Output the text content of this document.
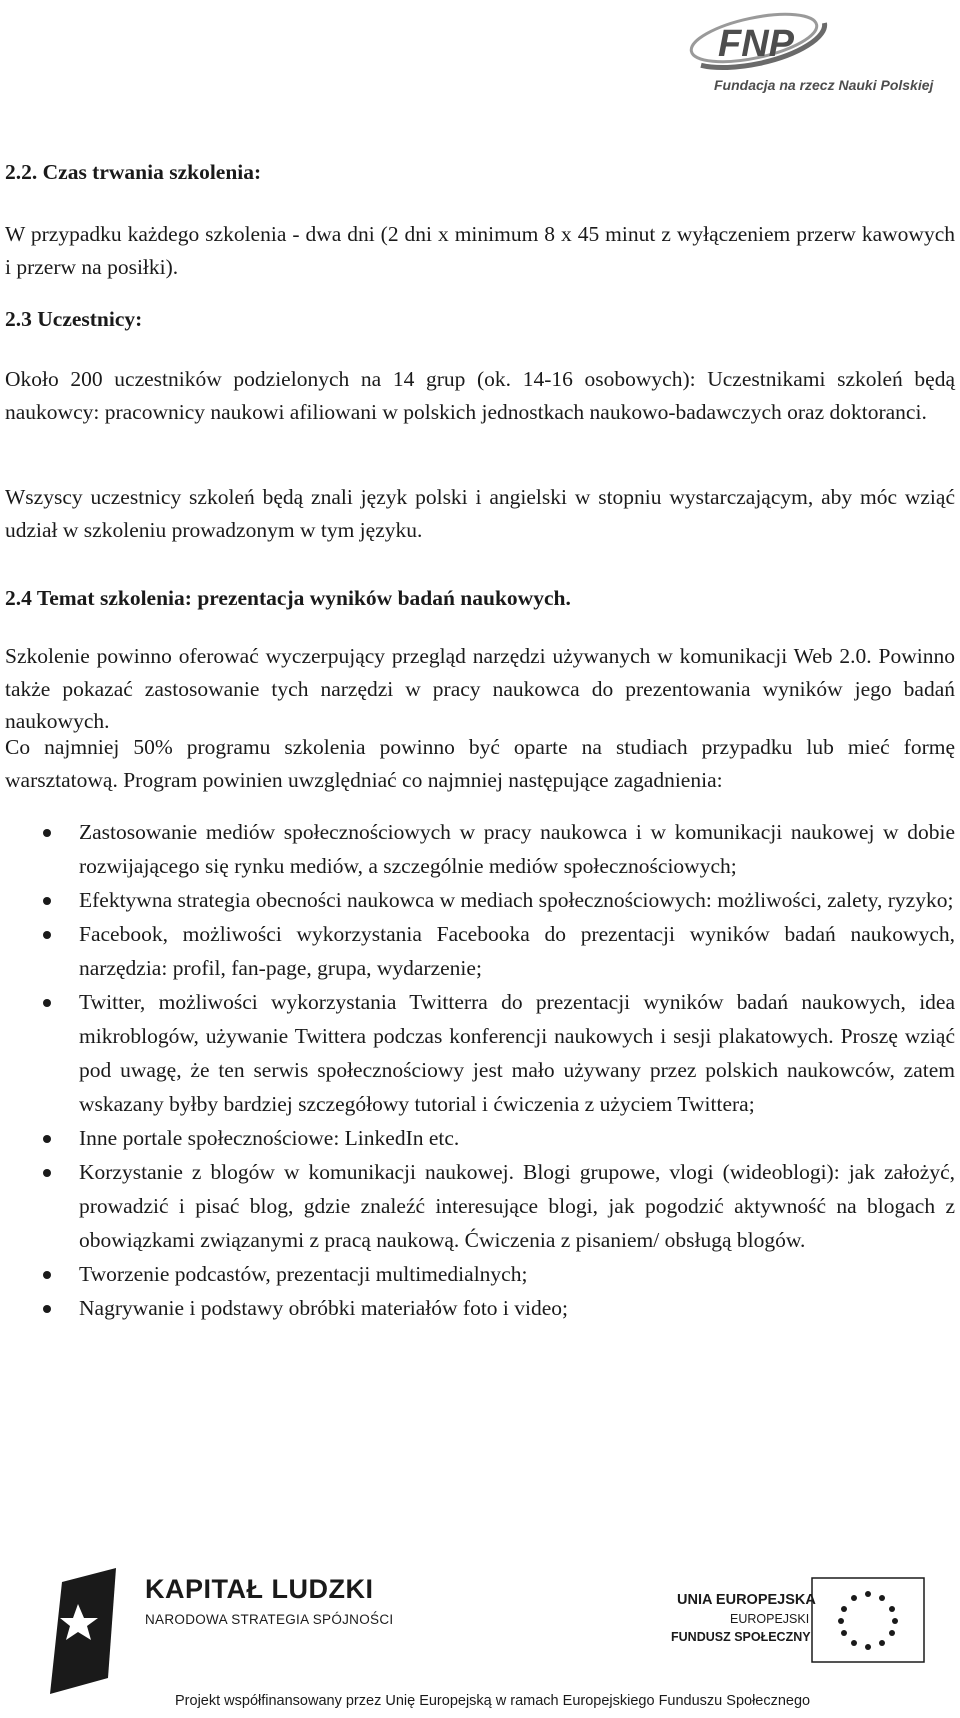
FNP
Fundacja na rzecz Nauki Polskiej
2.2. Czas trwania szkolenia:

W przypadku każdego szkolenia - dwa dni (2 dni x minimum 8 x 45 minut z wyłączeniem przerw kawowych i przerw na posiłki).

2.3 Uczestnicy:

Około 200 uczestników podzielonych na 14 grup (ok. 14-16 osobowych): Uczestnikami szkoleń będą naukowcy: pracownicy naukowi afiliowani w polskich jednostkach naukowo-badawczych oraz doktoranci.

Wszyscy uczestnicy szkoleń będą znali język polski i angielski w stopniu wystarczającym, aby móc wziąć udział w szkoleniu prowadzonym w tym języku.

2.4 Temat szkolenia: prezentacja wyników badań naukowych.

Szkolenie powinno oferować wyczerpujący przegląd narzędzi używanych w komunikacji Web 2.0. Powinno także pokazać zastosowanie tych narzędzi w pracy naukowca do prezentowania wyników jego badań naukowych.

Co najmniej 50% programu szkolenia powinno być oparte na studiach przypadku lub mieć formę warsztatową. Program powinien uwzględniać co najmniej następujące zagadnienia:

Zastosowanie mediów społecznościowych w pracy naukowca i w komunikacji naukowej w dobie rozwijającego się rynku mediów, a szczególnie mediów społecznościowych;
Efektywna strategia obecności naukowca w mediach społecznościowych: możliwości, zalety, ryzyko;
Facebook, możliwości wykorzystania Facebooka do prezentacji wyników badań naukowych, narzędzia: profil, fan-page, grupa, wydarzenie;
Twitter, możliwości wykorzystania Twitterra do prezentacji wyników badań naukowych, idea mikroblogów, używanie Twittera podczas konferencji naukowych i sesji plakatowych. Proszę wziąć pod uwagę, że ten serwis społecznościowy jest mało używany przez polskich naukowców, zatem wskazany byłby bardziej szczegółowy tutorial i ćwiczenia z użyciem Twittera;
Inne portale społecznościowe: LinkedIn etc.
Korzystanie z blogów w komunikacji naukowej. Blogi grupowe, vlogi (wideoblogi): jak założyć, prowadzić i pisać blog, gdzie znaleźć interesujące blogi, jak pogodzić aktywność na blogach z obowiązkami związanymi z pracą naukową. Ćwiczenia z pisaniem/ obsługą blogów.
Tworzenie podcastów, prezentacji multimedialnych;
Nagrywanie i podstawy obróbki materiałów foto i video;
KAPITAŁ LUDZKI
NARODOWA STRATEGIA SPÓJNOŚCI
UNIA EUROPEJSKA
EUROPEJSKI
FUNDUSZ SPOŁECZNY
Projekt współfinansowany przez Unię Europejską w ramach Europejskiego Funduszu Społecznego
